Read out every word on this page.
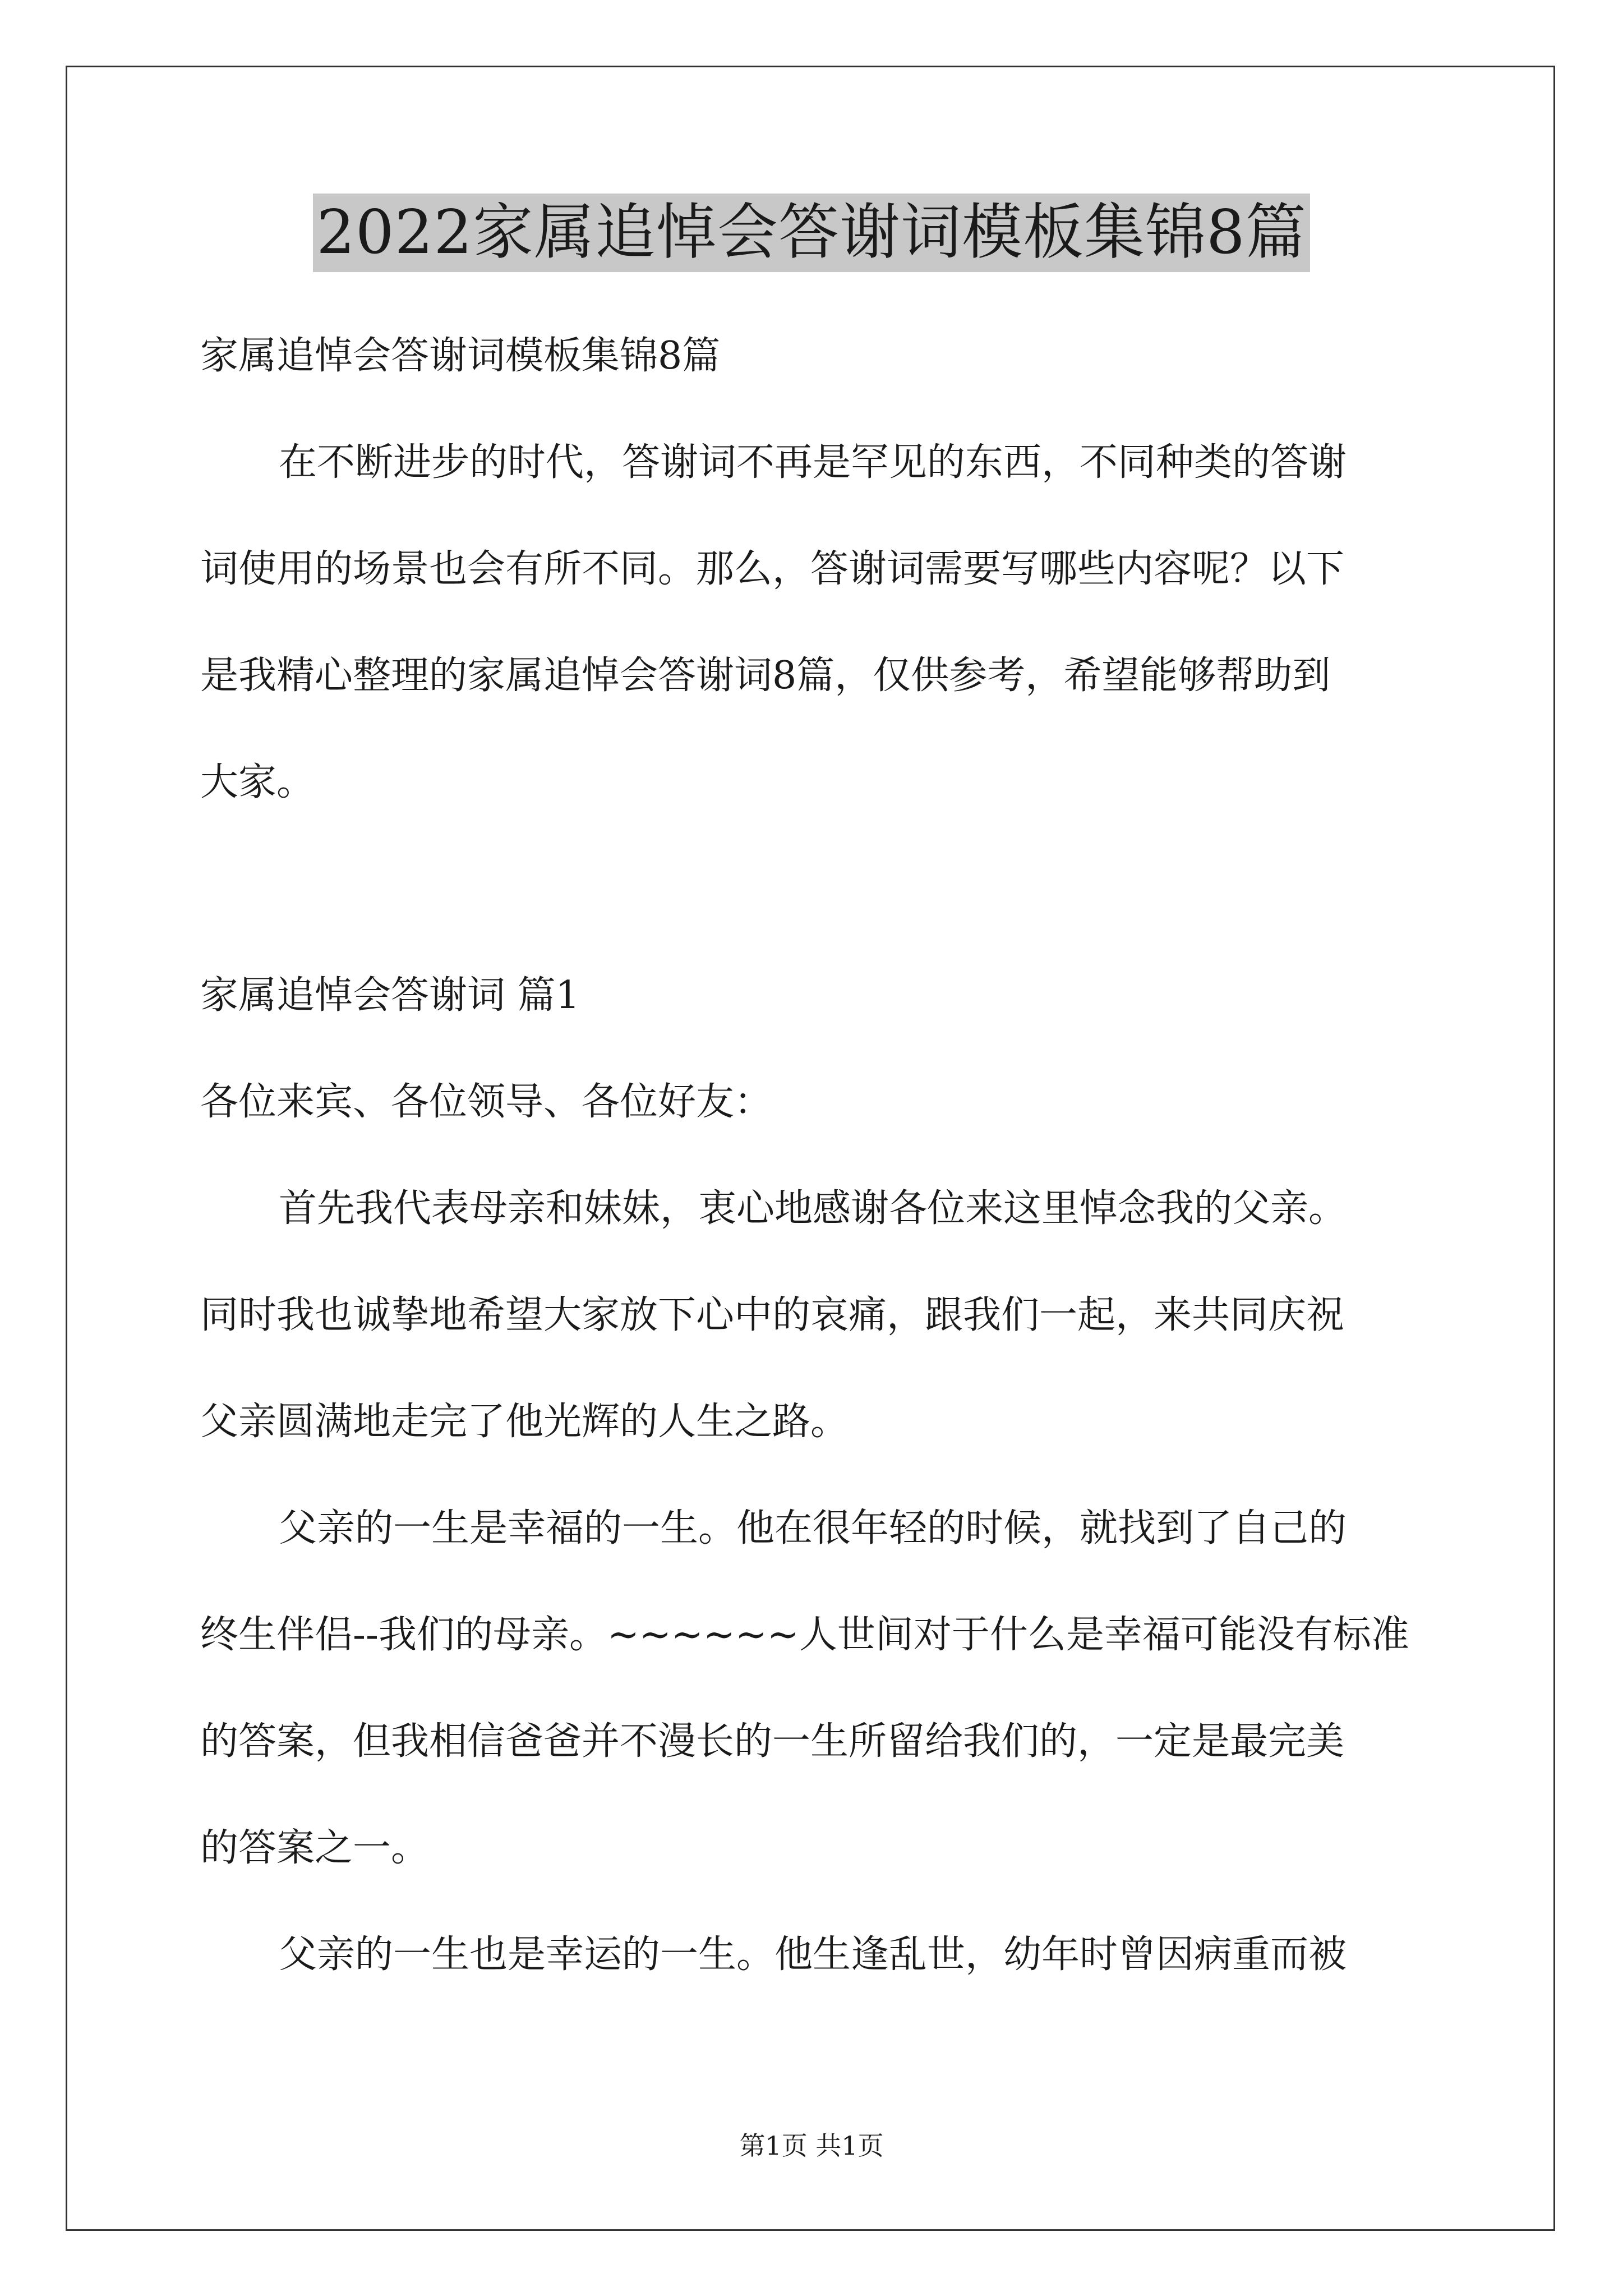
2022家属追悼会答谢词模板集锦8篇
家属追悼会答谢词模板集锦8篇
在不断进步的时代，答谢词不再是罕见的东西，不同种类的答谢
词使用的场景也会有所不同。那么，答谢词需要写哪些内容呢？以下
是我精心整理的家属追悼会答谢词8篇，仅供参考，希望能够帮助到
大家。
家属追悼会答谢词 篇1
各位来宾、各位领导、各位好友：
首先我代表母亲和妹妹，衷心地感谢各位来这里悼念我的父亲。
同时我也诚挚地希望大家放下心中的哀痛，跟我们一起，来共同庆祝
父亲圆满地走完了他光辉的人生之路。
父亲的一生是幸福的一生。他在很年轻的时候，就找到了自己的
终生伴侣--我们的母亲。~~~~~~人世间对于什么是幸福可能没有标准
的答案，但我相信爸爸并不漫长的一生所留给我们的，一定是最完美
的答案之一。
父亲的一生也是幸运的一生。他生逢乱世，幼年时曾因病重而被
第1页 共1页
